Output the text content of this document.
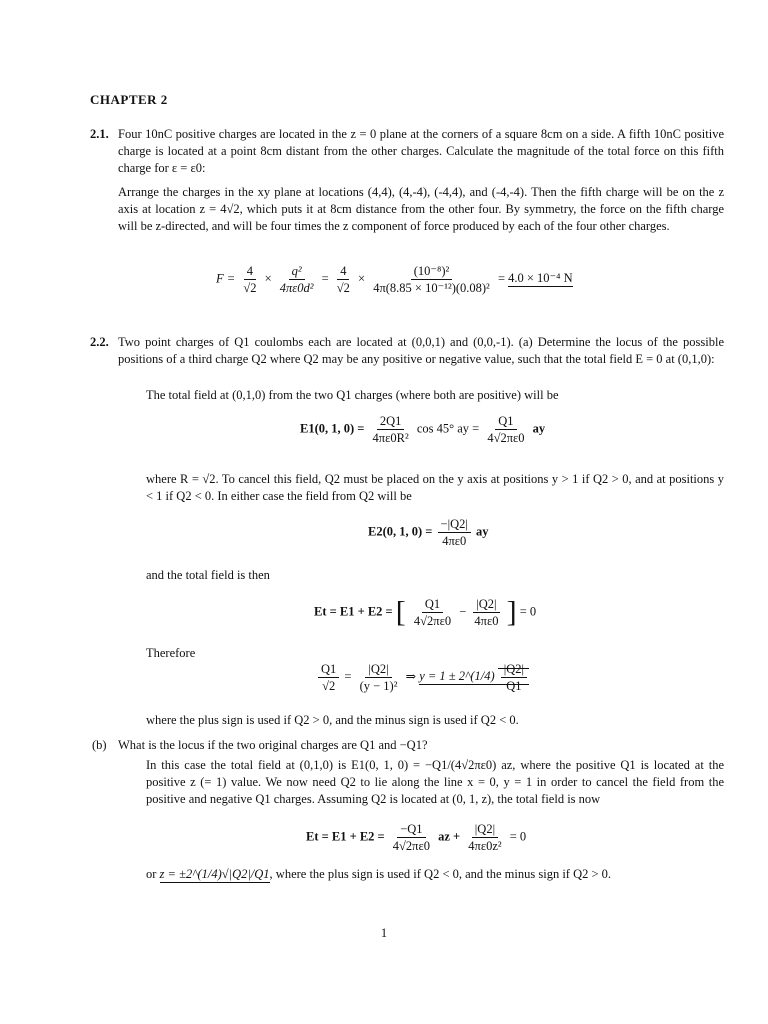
CHAPTER 2
2.1. Four 10nC positive charges are located in the z = 0 plane at the corners of a square 8cm on a side. A fifth 10nC positive charge is located at a point 8cm distant from the other charges. Calculate the magnitude of the total force on this fifth charge for ε = ε0:
Arrange the charges in the xy plane at locations (4,4), (4,-4), (-4,4), and (-4,-4). Then the fifth charge will be on the z axis at location z = 4√2, which puts it at 8cm distance from the other four. By symmetry, the force on the fifth charge will be z-directed, and will be four times the z component of force produced by each of the four other charges.
$F = \frac{4}{√2} \times \frac{\text{q²}}{\text{4πε0d²}} = \frac{4}{√2} \times \frac{\text{(10⁻⁸)²}}{\text{4π(8.85 × 10⁻¹²)(0.08)²}} = 4.0 \times 10^{-4}$ N
2.2. Two point charges of Q1 coulombs each are located at (0,0,1) and (0,0,-1). (a) Determine the locus of the possible positions of a third charge Q2 where Q2 may be any positive or negative value, such that the total field E = 0 at (0,1,0):
The total field at (0,1,0) from the two Q1 charges (where both are positive) will be
E1(0, 1, $0) = \frac{2Q1}{\text{4πε0R²}}$ cos 45° ay = $\frac{Q1}{4√2\pi\varepsilon 0}$ ay
where R = √2. To cancel this field, Q2 must be placed on the y axis at positions y > 1 if Q2 > 0, and at positions y < 1 if Q2 < 0. In either case the field from Q2 will be
E2(0, 1, $0) = \frac{-|Q2|}{4\pi\varepsilon 0}$ ay
and the total field is then
Et = E1 + E2 = [ $\frac{Q1}{4√2\pi\varepsilon 0} - \frac{|Q2|}{4\pi\varepsilon 0}$ ] = 0
Therefore
$\frac{Q1}{√2} = \frac{|Q2|}{\text{(y − 1)²}}$ ⇒ y = 1 ± 2^(1/4) $\frac{|Q2|}{Q1}$
where the plus sign is used if Q2 > 0, and the minus sign is used if Q2 < 0.
(b) What is the locus if the two original charges are Q1 and −Q1?
In this case the total field at (0,1,0) is E1(0, 1, 0) = −Q1/(4√2πε0) az, where the positive Q1 is located at the positive z (= 1) value. We now need Q2 to lie along the line x = 0, y = 1 in order to cancel the field from the positive and negative Q1 charges. Assuming Q2 is located at (0, 1, z), the total field is now
$Et = E1 + E2 = \frac{-Q1}{4√2\pi\varepsilon 0}$ az + $\frac{|Q2|}{\text{4πε0z²}} = 0$
or z = ±2^(1/4)√|Q2|/Q1, where the plus sign is used if Q2 < 0, and the minus sign if Q2 > 0.
1
